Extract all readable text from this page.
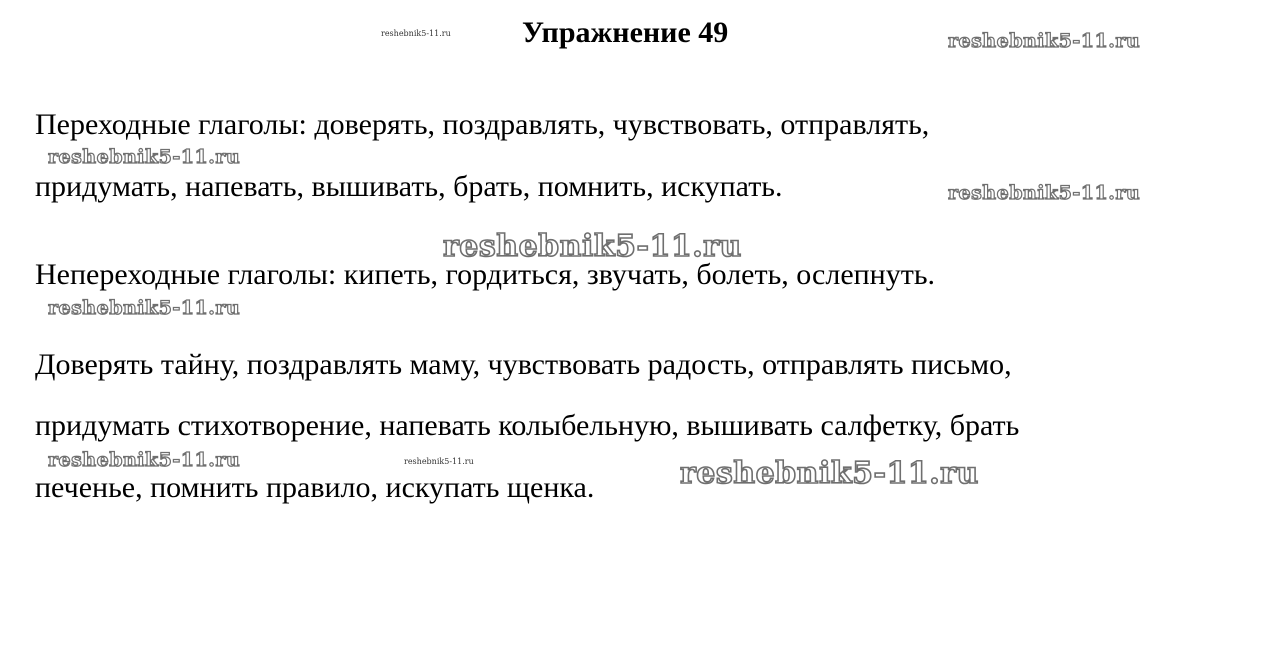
Упражнение 49
Переходные глаголы: доверять, поздравлять, чувствовать, отправлять,
придумать, напевать, вышивать, брать, помнить, искупать.
Непереходные глаголы: кипеть, гордиться, звучать, болеть, ослепнуть.
Доверять тайну, поздравлять маму, чувствовать радость, отправлять письмо,
придумать стихотворение, напевать колыбельную, вышивать салфетку, брать
печенье, помнить правило, искупать щенка.
reshebnik5-11.ru	reshebnik5-11.ru
reshebnik5-11.ru
reshebnik5-11.ru
reshebnik5-11.ru
reshebnik5-11.ru
reshebnik5-11.ru	reshebnik5-11.ru	reshebnik5-11.ru
